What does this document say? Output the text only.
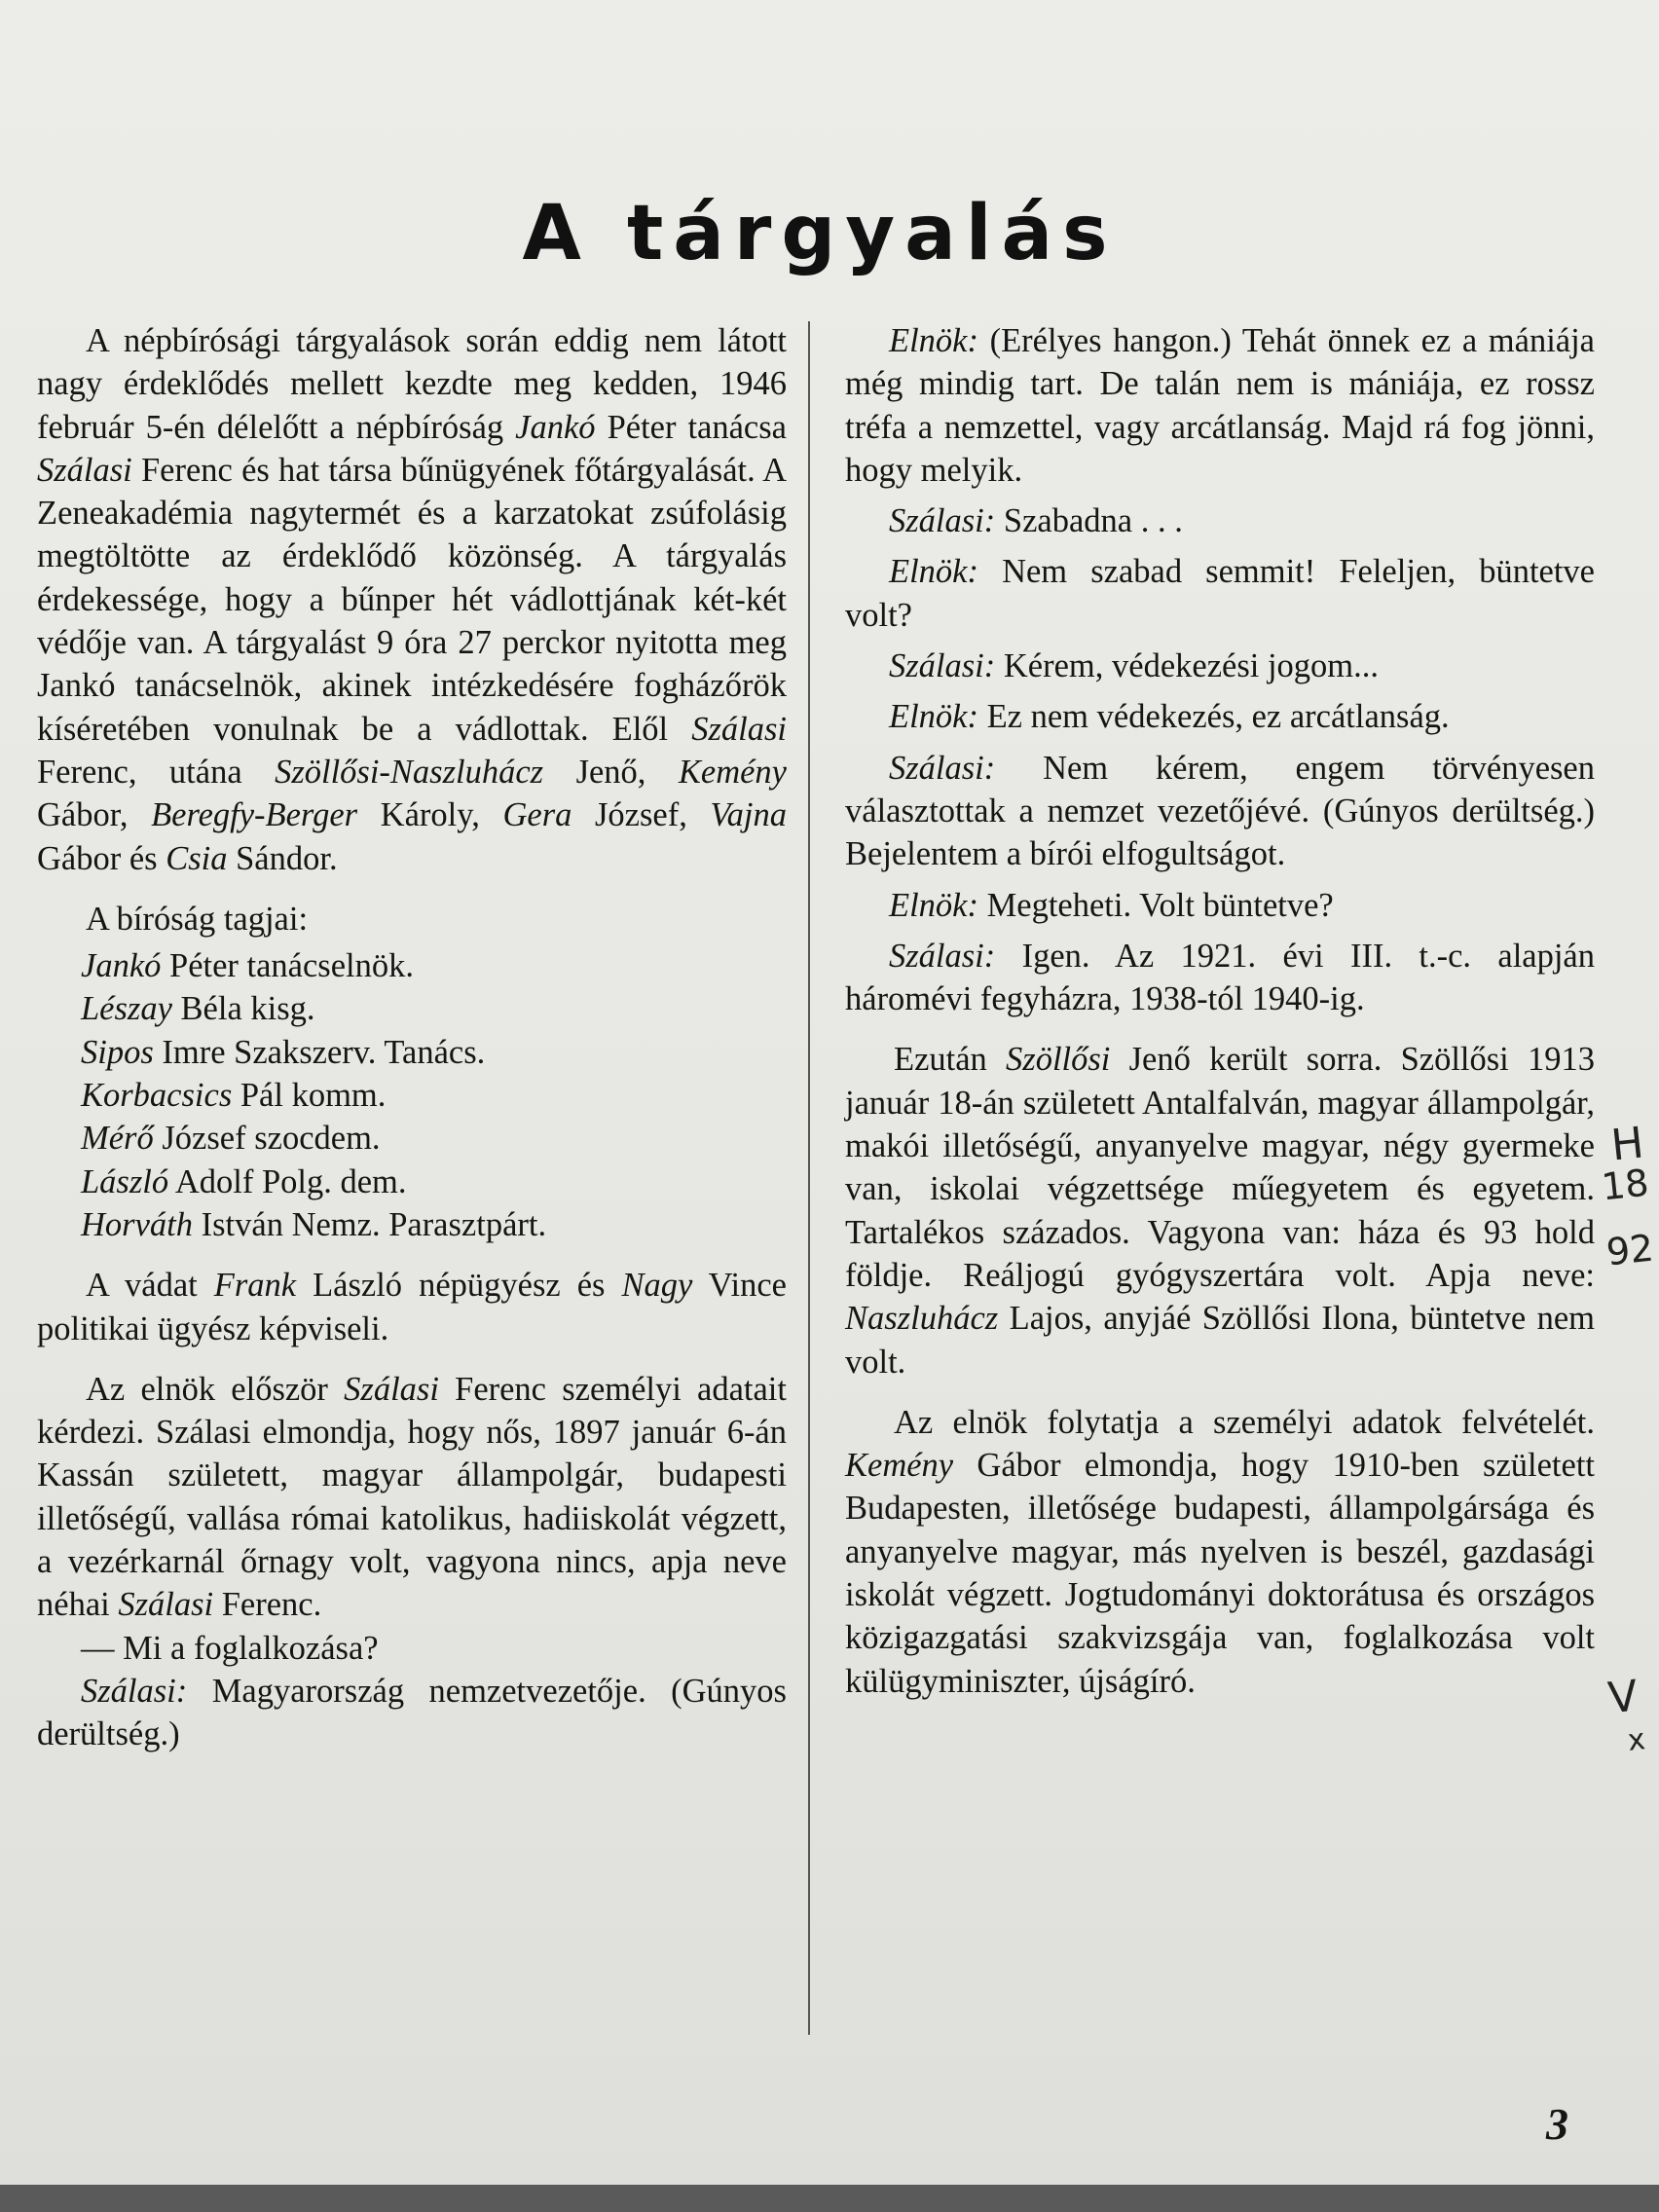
A tárgyalás

A népbírósági tárgyalások során eddig nem látott nagy érdeklődés mellett kezdte meg kedden, 1946 február 5-én délelőtt a népbíróság Jankó Péter tanácsa Szálasi Ferenc és hat társa bűnügyének főtárgyalását. A Zeneakadémia nagytermét és a karzatokat zsúfolásig megtöltötte az érdeklődő közönség. A tárgyalás érdekessége, hogy a bűnper hét vádlottjának két-két védője van. A tárgyalást 9 óra 27 perckor nyitotta meg Jankó tanácselnök, akinek intézkedésére fogházőrök kíséretében vonulnak be a vádlottak. Elől Szálasi Ferenc, utána Szöllősi-Naszluhácz Jenő, Kemény Gábor, Beregfy-Berger Károly, Gera József, Vajna Gábor és Csia Sándor.

A bíróság tagjai:

Jankó Péter tanácselnök.

Lészay Béla kisg.

Sipos Imre Szakszerv. Tanács.

Korbacsics Pál komm.

Mérő József szocdem.

László Adolf Polg. dem.

Horváth István Nemz. Parasztpárt.

A vádat Frank László népügyész és Nagy Vince politikai ügyész képviseli.

Az elnök először Szálasi Ferenc személyi adatait kérdezi. Szálasi elmondja, hogy nős, 1897 január 6-án Kassán született, magyar állampolgár, budapesti illetőségű, vallása római katolikus, hadiiskolát végzett, a vezérkarnál őrnagy volt, vagyona nincs, apja neve néhai Szálasi Ferenc.

— Mi a foglalkozása?

Szálasi: Magyarország nemzetvezetője. (Gúnyos derültség.)

Elnök: (Erélyes hangon.) Tehát önnek ez a mániája még mindig tart. De talán nem is mániája, ez rossz tréfa a nemzettel, vagy arcátlanság. Majd rá fog jönni, hogy melyik.

Szálasi: Szabadna . . .

Elnök: Nem szabad semmit! Feleljen, büntetve volt?

Szálasi: Kérem, védekezési jogom...

Elnök: Ez nem védekezés, ez arcátlanság.

Szálasi: Nem kérem, engem törvényesen választottak a nemzet vezetőjévé. (Gúnyos derültség.) Bejelentem a bírói elfogultságot.

Elnök: Megteheti. Volt büntetve?

Szálasi: Igen. Az 1921. évi III. t.-c. alapján háromévi fegyházra, 1938-tól 1940-ig.

Ezután Szöllősi Jenő került sorra. Szöllősi 1913 január 18-án született Antalfalván, magyar állampolgár, makói illetőségű, anyanyelve magyar, négy gyermeke van, iskolai végzettsége műegyetem és egyetem. Tartalékos százados. Vagyona van: háza és 93 hold földje. Reáljogú gyógyszertára volt. Apja neve: Naszluhácz Lajos, anyjáé Szöllősi Ilona, büntetve nem volt.

Az elnök folytatja a személyi adatok felvételét. Kemény Gábor elmondja, hogy 1910-ben született Budapesten, illetősége budapesti, állampolgársága és anyanyelve magyar, más nyelven is beszél, gazdasági iskolát végzett. Jogtudományi doktorátusa és országos közigazgatási szakvizsgája van, foglalkozása volt külügyminiszter, újságíró.

H
18
92
V
x
3
